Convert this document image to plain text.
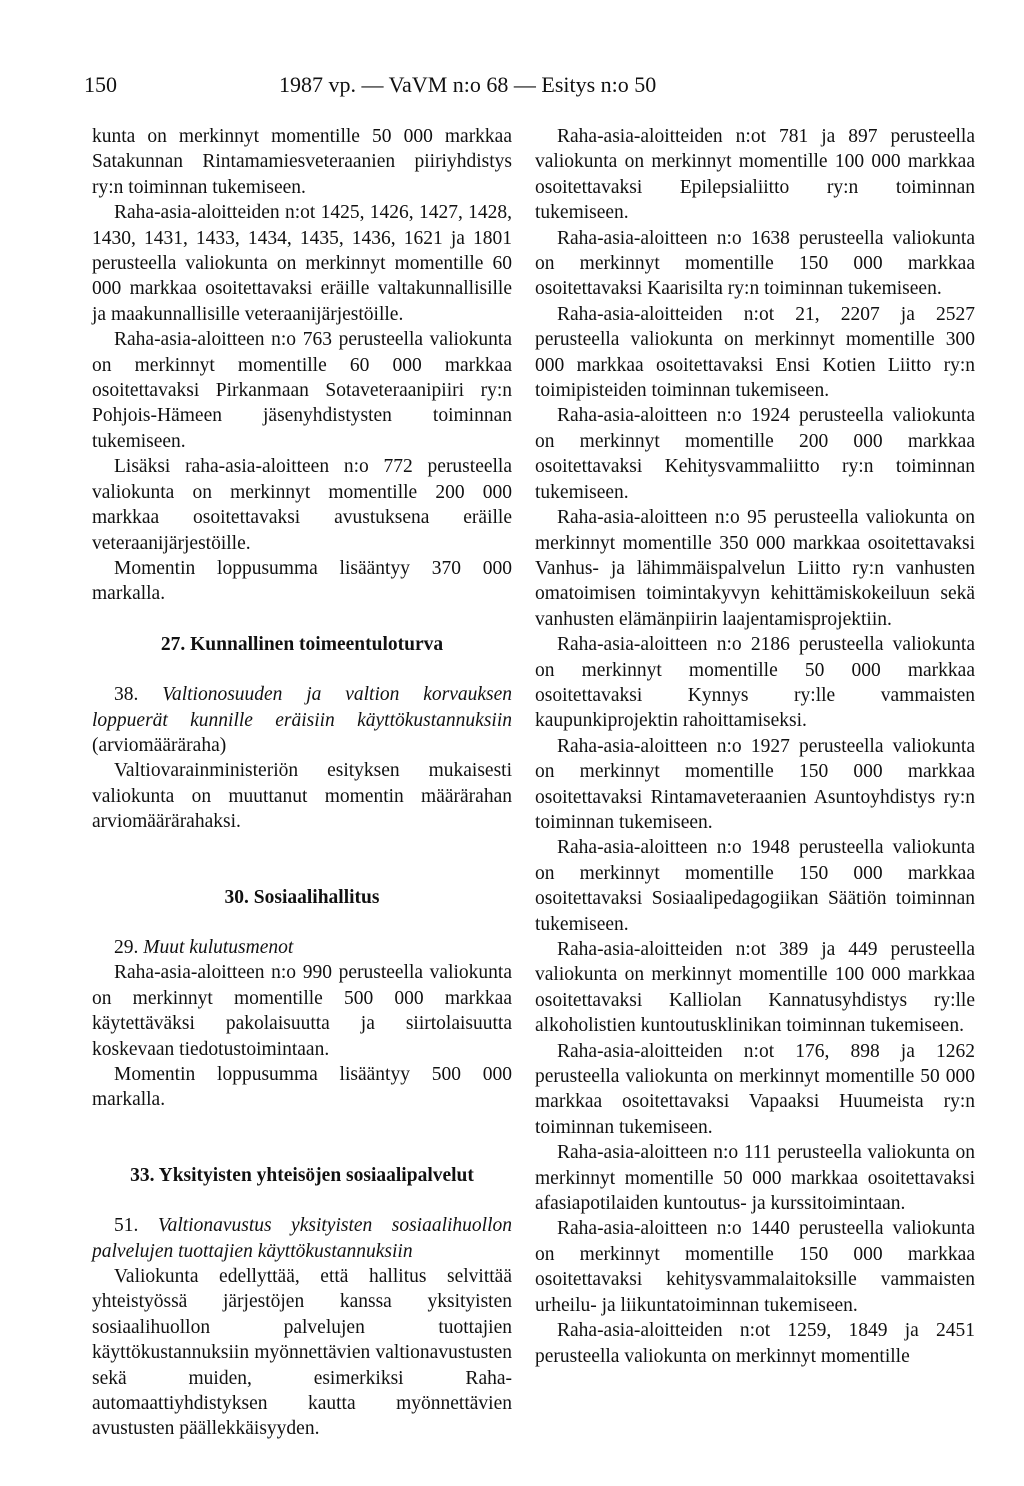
150	1987 vp. — VaVM n:o 68 — Esitys n:o 50

kunta on merkinnyt momentille 50 000 markkaa Satakunnan Rintamamiesveteraanien piiriyhdistys ry:n toiminnan tukemiseen.

Raha-asia-aloitteiden n:ot 1425, 1426, 1427, 1428, 1430, 1431, 1433, 1434, 1435, 1436, 1621 ja 1801 perusteella valiokunta on merkinnyt momentille 60 000 markkaa osoitettavaksi eräille valtakunnallisille ja maakunnallisille veteraanijärjestöille.

Raha-asia-aloitteen n:o 763 perusteella valiokunta on merkinnyt momentille 60 000 markkaa osoitettavaksi Pirkanmaan Sotaveteraanipiiri ry:n Pohjois-Hämeen jäsenyhdistysten toiminnan tukemiseen.

Lisäksi raha-asia-aloitteen n:o 772 perusteella valiokunta on merkinnyt momentille 200 000 markkaa osoitettavaksi avustuksena eräille veteraanijärjestöille.

Momentin loppusumma lisääntyy 370 000 markalla.

27. Kunnallinen toimeentuloturva

38. Valtionosuuden ja valtion korvauksen loppuerät kunnille eräisiin käyttökustannuksiin (arviomääräraha)

Valtiovarainministeriön esityksen mukaisesti valiokunta on muuttanut momentin määrärahan arviomäärärahaksi.

30. Sosiaalihallitus

29. Muut kulutusmenot

Raha-asia-aloitteen n:o 990 perusteella valiokunta on merkinnyt momentille 500 000 markkaa käytettäväksi pakolaisuutta ja siirtolaisuutta koskevaan tiedotustoimintaan.

Momentin loppusumma lisääntyy 500 000 markalla.

33. Yksityisten yhteisöjen sosiaalipalvelut

51. Valtionavustus yksityisten sosiaalihuollon palvelujen tuottajien käyttökustannuksiin

Valiokunta edellyttää, että hallitus selvittää yhteistyössä järjestöjen kanssa yksityisten sosiaalihuollon palvelujen tuottajien käyttökustannuksiin myönnettävien valtionavustusten sekä muiden, esimerkiksi Raha-automaattiyhdistyksen kautta myönnettävien avustusten päällekkäisyyden.

Raha-asia-aloitteiden n:ot 781 ja 897 perusteella valiokunta on merkinnyt momentille 100 000 markkaa osoitettavaksi Epilepsialiitto ry:n toiminnan tukemiseen.

Raha-asia-aloitteen n:o 1638 perusteella valiokunta on merkinnyt momentille 150 000 markkaa osoitettavaksi Kaarisilta ry:n toiminnan tukemiseen.

Raha-asia-aloitteiden n:ot 21, 2207 ja 2527 perusteella valiokunta on merkinnyt momentille 300 000 markkaa osoitettavaksi Ensi Kotien Liitto ry:n toimipisteiden toiminnan tukemiseen.

Raha-asia-aloitteen n:o 1924 perusteella valiokunta on merkinnyt momentille 200 000 markkaa osoitettavaksi Kehitysvammaliitto ry:n toiminnan tukemiseen.

Raha-asia-aloitteen n:o 95 perusteella valiokunta on merkinnyt momentille 350 000 markkaa osoitettavaksi Vanhus- ja lähimmäispalvelun Liitto ry:n vanhusten omatoimisen toimintakyvyn kehittämiskokeiluun sekä vanhusten elämänpiirin laajentamisprojektiin.

Raha-asia-aloitteen n:o 2186 perusteella valiokunta on merkinnyt momentille 50 000 markkaa osoitettavaksi Kynnys ry:lle vammaisten kaupunkiprojektin rahoittamiseksi.

Raha-asia-aloitteen n:o 1927 perusteella valiokunta on merkinnyt momentille 150 000 markkaa osoitettavaksi Rintamaveteraanien Asuntoyhdistys ry:n toiminnan tukemiseen.

Raha-asia-aloitteen n:o 1948 perusteella valiokunta on merkinnyt momentille 150 000 markkaa osoitettavaksi Sosiaalipedagogiikan Säätiön toiminnan tukemiseen.

Raha-asia-aloitteiden n:ot 389 ja 449 perusteella valiokunta on merkinnyt momentille 100 000 markkaa osoitettavaksi Kalliolan Kannatusyhdistys ry:lle alkoholistien kuntoutusklinikan toiminnan tukemiseen.

Raha-asia-aloitteiden n:ot 176, 898 ja 1262 perusteella valiokunta on merkinnyt momentille 50 000 markkaa osoitettavaksi Vapaaksi Huumeista ry:n toiminnan tukemiseen.

Raha-asia-aloitteen n:o 111 perusteella valiokunta on merkinnyt momentille 50 000 markkaa osoitettavaksi afasiapotilaiden kuntoutus- ja kurssitoimintaan.

Raha-asia-aloitteen n:o 1440 perusteella valiokunta on merkinnyt momentille 150 000 markkaa osoitettavaksi kehitysvammalaitoksille vammaisten urheilu- ja liikuntatoiminnan tukemiseen.

Raha-asia-aloitteiden n:ot 1259, 1849 ja 2451 perusteella valiokunta on merkinnyt momentille
